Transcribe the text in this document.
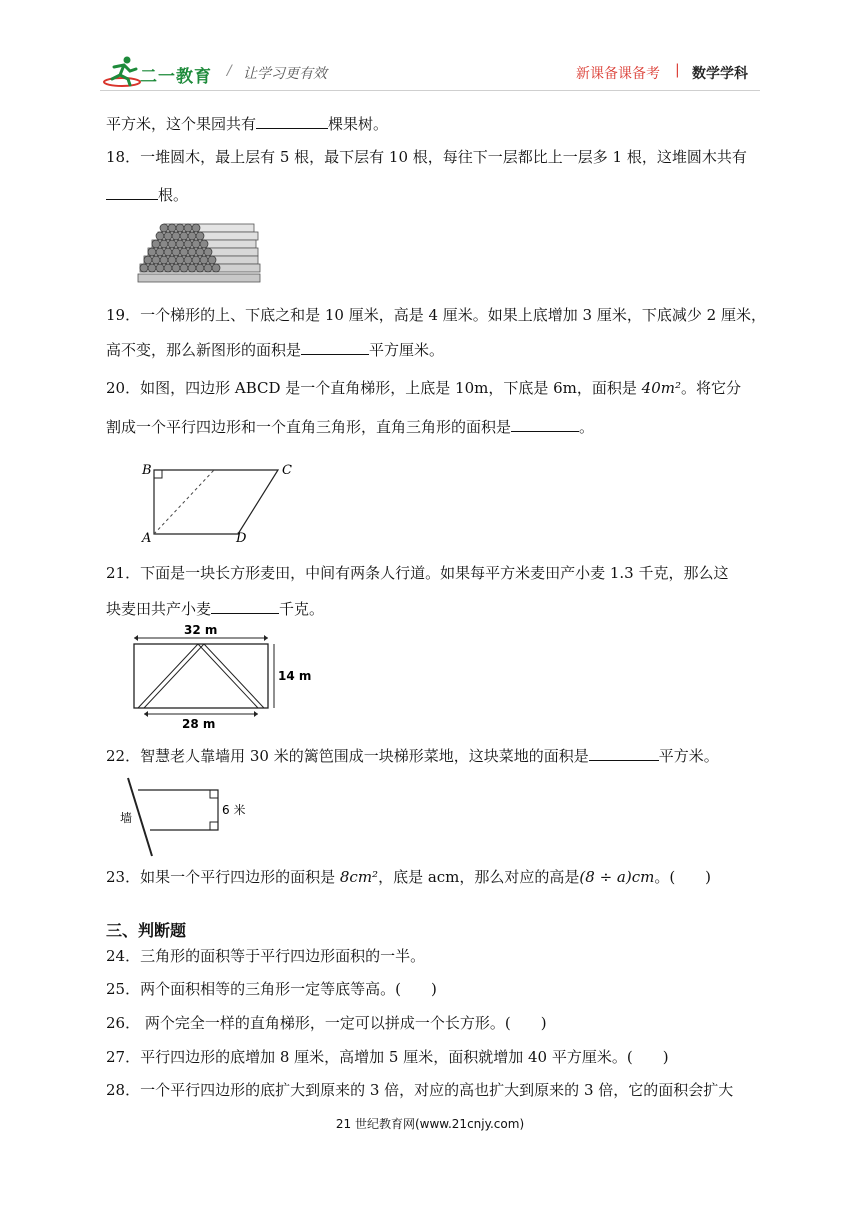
二一教育 / 让学习更有效	新课备课备考 | 数学学科
平方米，这个果园共有	棵果树。
18．一堆圆木，最上层有 5 根，最下层有 10 根，每往下一层都比上一层多 1 根，这堆圆木共有
根。
19．一个梯形的上、下底之和是 10 厘米，高是 4 厘米。如果上底增加 3 厘米，下底减少 2 厘米，
高不变，那么新图形的面积是	平方厘米。
20．如图，四边形 ABCD 是一个直角梯形，上底是 10m，下底是 6m，面积是 40m²。将它分
割成一个平行四边形和一个直角三角形，直角三角形的面积是	。
B	C
A	D
21．下面是一块长方形麦田，中间有两条人行道。如果每平方米麦田产小麦 1.3 千克，那么这
块麦田共产小麦	千克。
32 m
14 m
28 m
22．智慧老人靠墙用 30 米的篱笆围成一块梯形菜地，这块菜地的面积是	平方米。
墙
6 米
23．如果一个平行四边形的面积是 8cm²，底是 acm，那么对应的高是(8 ÷ a)cm。(　　)
三、判断题
24．三角形的面积等于平行四边形面积的一半。
25．两个面积相等的三角形一定等底等高。(　　)
26． 两个完全一样的直角梯形，一定可以拼成一个长方形。(　　)
27．平行四边形的底增加 8 厘米，高增加 5 厘米，面积就增加 40 平方厘米。(　　)
28．一个平行四边形的底扩大到原来的 3 倍，对应的高也扩大到原来的 3 倍，它的面积会扩大
21 世纪教育网(www.21cnjy.com)
